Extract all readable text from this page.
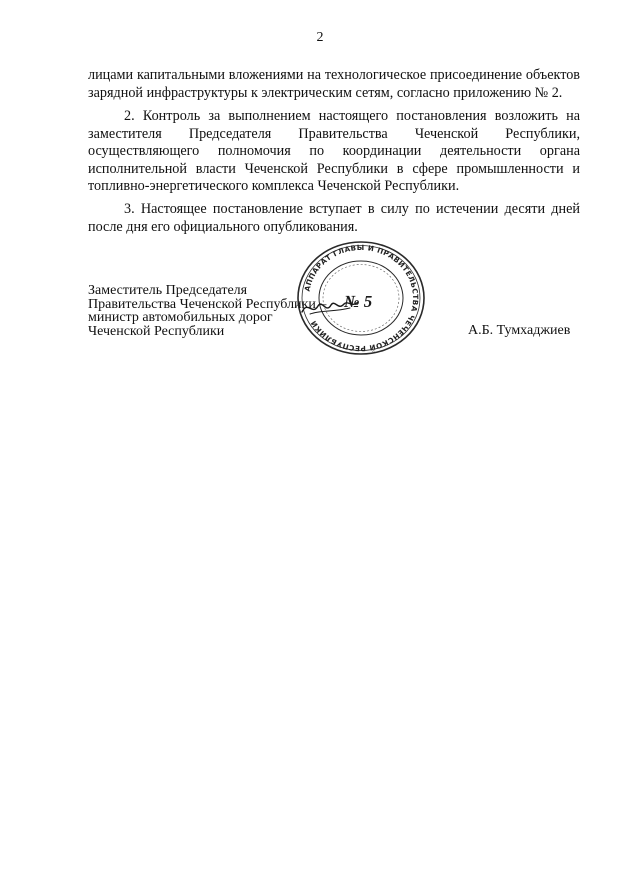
2

лицами капитальными вложениями на технологическое присоединение объектов зарядной инфраструктуры к электрическим сетям, согласно приложению № 2.

2. Контроль за выполнением настоящего постановления возложить на заместителя Председателя Правительства Чеченской Республики, осуществляющего полномочия по координации деятельности органа исполнительной власти Чеченской Республики в сфере промышленности и топливно-энергетического комплекса Чеченской Республики.

3. Настоящее постановление вступает в силу по истечении десяти дней после дня его официального опубликования.

АППАРАТ ГЛАВЫ И ПРАВИТЕЛЬСТВА ЧЕЧЕНСКОЙ РЕСПУБЛИКИ
№ 5
Заместитель Председателя
Правительства Чеченской Республики –
министр автомобильных дорог
Чеченской Республики	А.Б. Тумхаджиев
